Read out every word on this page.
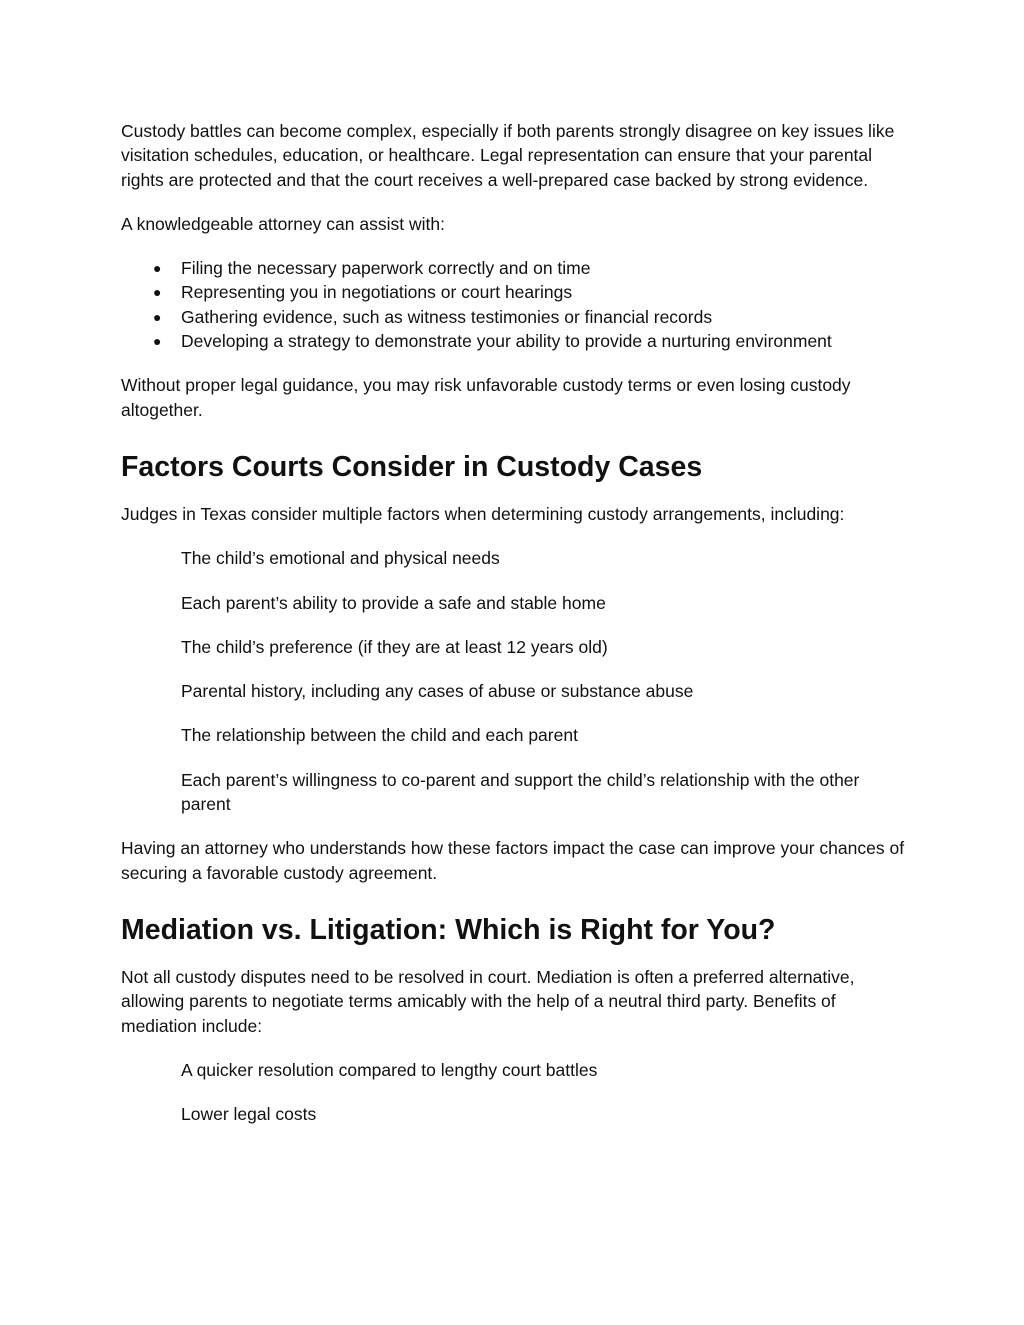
Custody battles can become complex, especially if both parents strongly disagree on key issues like visitation schedules, education, or healthcare. Legal representation can ensure that your parental rights are protected and that the court receives a well-prepared case backed by strong evidence.

A knowledgeable attorney can assist with:

● Filing the necessary paperwork correctly and on time
● Representing you in negotiations or court hearings
● Gathering evidence, such as witness testimonies or financial records
● Developing a strategy to demonstrate your ability to provide a nurturing environment

Without proper legal guidance, you may risk unfavorable custody terms or even losing custody altogether.

Factors Courts Consider in Custody Cases

Judges in Texas consider multiple factors when determining custody arrangements, including:

The child’s emotional and physical needs
Each parent’s ability to provide a safe and stable home
The child’s preference (if they are at least 12 years old)
Parental history, including any cases of abuse or substance abuse
The relationship between the child and each parent
Each parent’s willingness to co-parent and support the child’s relationship with the other parent

Having an attorney who understands how these factors impact the case can improve your chances of securing a favorable custody agreement.

Mediation vs. Litigation: Which is Right for You?

Not all custody disputes need to be resolved in court. Mediation is often a preferred alternative, allowing parents to negotiate terms amicably with the help of a neutral third party. Benefits of mediation include:

A quicker resolution compared to lengthy court battles
Lower legal costs
